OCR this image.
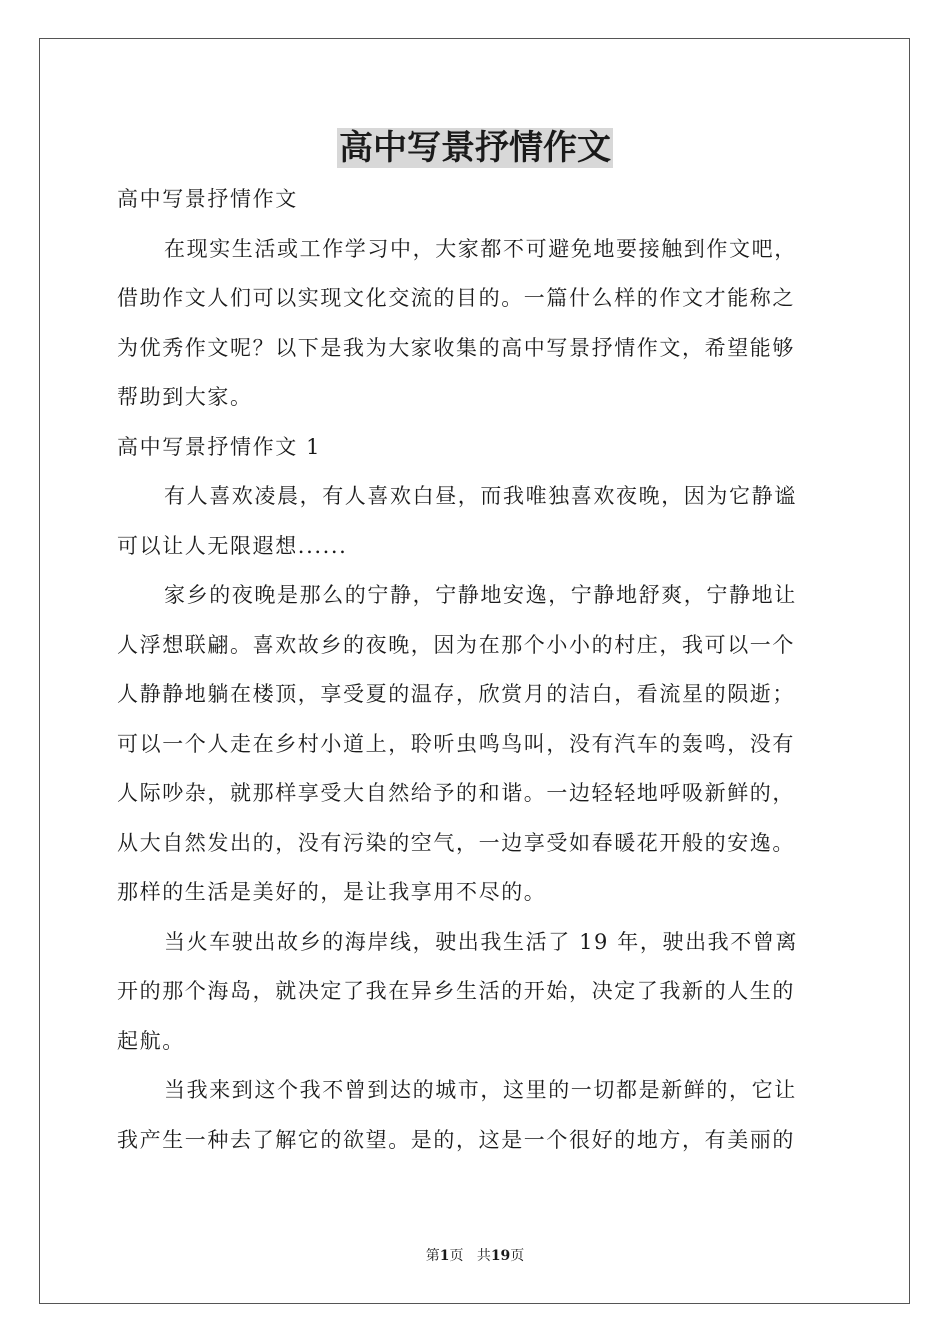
高中写景抒情作文
高中写景抒情作文
在现实生活或工作学习中，大家都不可避免地要接触到作文吧，
借助作文人们可以实现文化交流的目的。一篇什么样的作文才能称之
为优秀作文呢？以下是我为大家收集的高中写景抒情作文，希望能够
帮助到大家。
高中写景抒情作文 1
有人喜欢凌晨，有人喜欢白昼，而我唯独喜欢夜晚，因为它静谧
可以让人无限遐想......
家乡的夜晚是那么的宁静，宁静地安逸，宁静地舒爽，宁静地让
人浮想联翩。喜欢故乡的夜晚，因为在那个小小的村庄，我可以一个
人静静地躺在楼顶，享受夏的温存，欣赏月的洁白，看流星的陨逝；
可以一个人走在乡村小道上，聆听虫鸣鸟叫，没有汽车的轰鸣，没有
人际吵杂，就那样享受大自然给予的和谐。一边轻轻地呼吸新鲜的，
从大自然发出的，没有污染的空气，一边享受如春暖花开般的安逸。
那样的生活是美好的，是让我享用不尽的。
当火车驶出故乡的海岸线，驶出我生活了 19 年，驶出我不曾离
开的那个海岛，就决定了我在异乡生活的开始，决定了我新的人生的
起航。
当我来到这个我不曾到达的城市，这里的一切都是新鲜的，它让
我产生一种去了解它的欲望。是的，这是一个很好的地方，有美丽的
第1页 共19页
